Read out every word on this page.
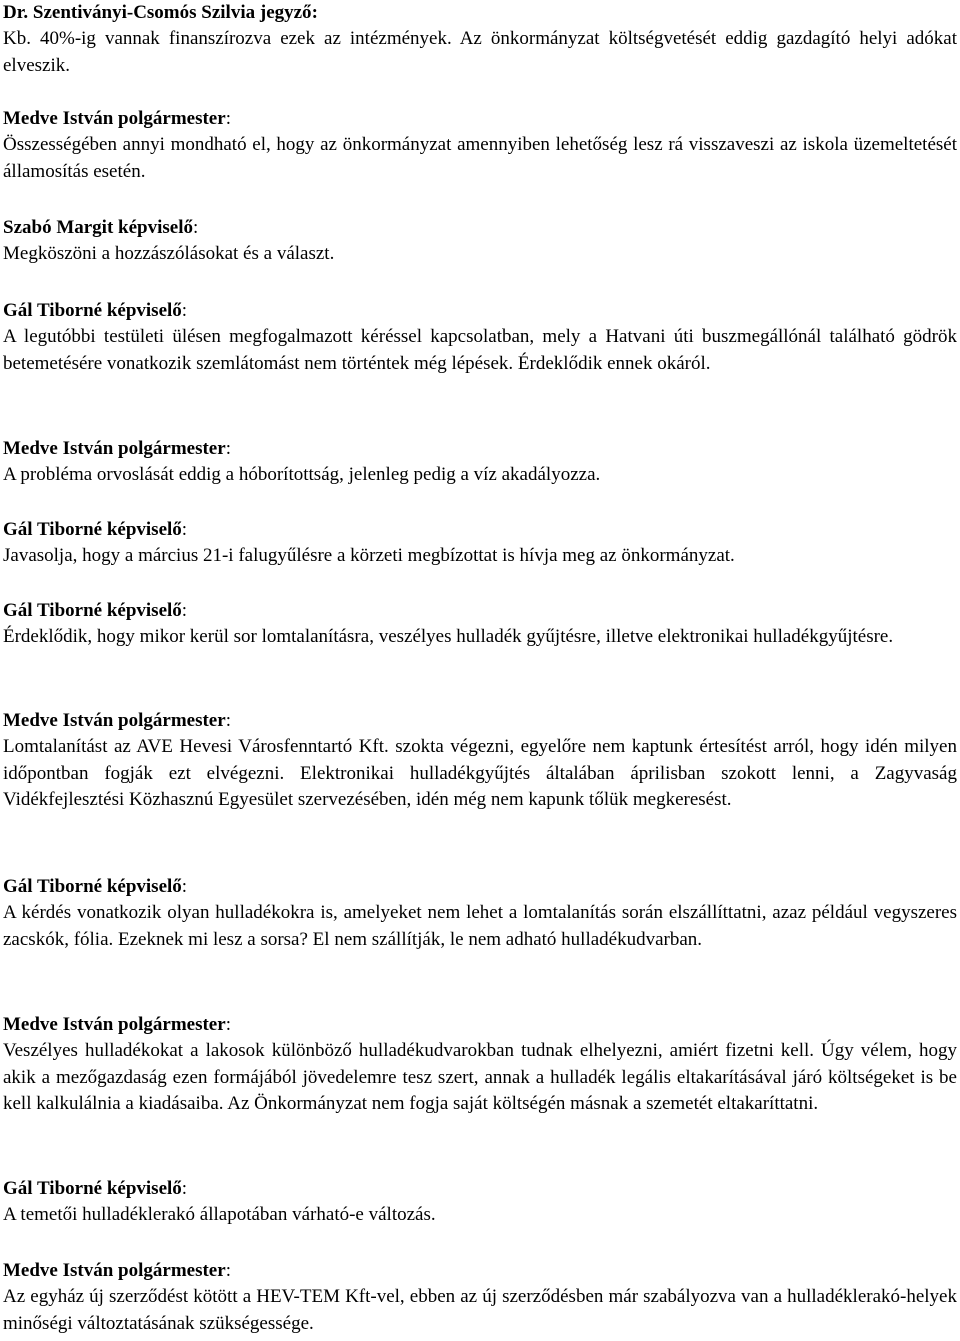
Dr. Szentiványi-Csomós Szilvia jegyző:
Kb. 40%-ig vannak finanszírozva ezek az intézmények. Az önkormányzat költségvetését eddig gazdagító helyi adókat elveszik.
Medve István polgármester:
Összességében annyi mondható el, hogy az önkormányzat amennyiben lehetőség lesz rá visszaveszi az iskola üzemeltetését államosítás esetén.
Szabó Margit képviselő:
Megköszöni a hozzászólásokat és a választ.
Gál Tiborné képviselő:
A legutóbbi testületi ülésen megfogalmazott kéréssel kapcsolatban, mely a Hatvani úti buszmegállónál található gödrök betemetésére vonatkozik szemlátomást nem történtek még lépések. Érdeklődik ennek okáról.
Medve István polgármester:
A probléma orvoslását eddig a hóborítottság, jelenleg pedig a víz akadályozza.
Gál Tiborné képviselő:
Javasolja, hogy a március 21-i falugyűlésre a körzeti megbízottat is hívja meg az önkormányzat.
Gál Tiborné képviselő:
Érdeklődik, hogy mikor kerül sor lomtalanításra, veszélyes hulladék gyűjtésre, illetve elektronikai hulladékgyűjtésre.
Medve István polgármester:
Lomtalanítást az AVE Hevesi Városfenntartó Kft. szokta végezni, egyelőre nem kaptunk értesítést arról, hogy idén milyen időpontban fogják ezt elvégezni. Elektronikai hulladékgyűjtés általában áprilisban szokott lenni, a Zagyvaság Vidékfejlesztési Közhasznú Egyesület szervezésében, idén még nem kapunk tőlük megkeresést.
Gál Tiborné képviselő:
A kérdés vonatkozik olyan hulladékokra is, amelyeket nem lehet a lomtalanítás során elszállíttatni, azaz például vegyszeres zacskók, fólia. Ezeknek mi lesz a sorsa? El nem szállítják, le nem adható hulladékudvarban.
Medve István polgármester:
Veszélyes hulladékokat a lakosok különböző hulladékudvarokban tudnak elhelyezni, amiért fizetni kell. Úgy vélem, hogy akik a mezőgazdaság ezen formájából jövedelemre tesz szert, annak a hulladék legális eltakarításával járó költségeket is be kell kalkulálnia a kiadásaiba. Az Önkormányzat nem fogja saját költségén másnak a szemetét eltakaríttatni.
Gál Tiborné képviselő:
A temetői hulladéklerakó állapotában várható-e változás.
Medve István polgármester:
Az egyház új szerződést kötött a HEV-TEM Kft-vel, ebben az új szerződésben már szabályozva van a hulladéklerakó-helyek minőségi változtatásának szükségessége.
